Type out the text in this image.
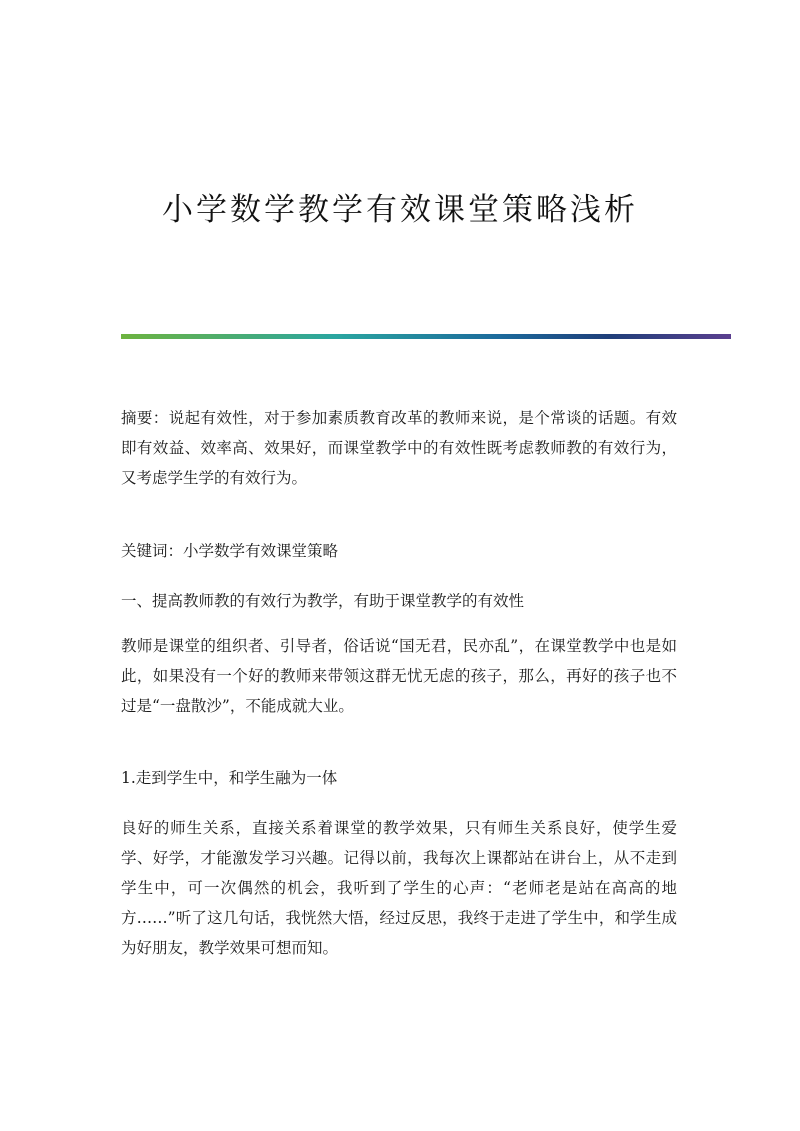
小学数学教学有效课堂策略浅析
摘要：说起有效性，对于参加素质教育改革的教师来说，是个常谈的话题。有效即有效益、效率高、效果好，而课堂教学中的有效性既考虑教师教的有效行为，又考虑学生学的有效行为。
关键词：小学数学有效课堂策略
一、提高教师教的有效行为教学，有助于课堂教学的有效性
教师是课堂的组织者、引导者，俗话说“国无君，民亦乱”，在课堂教学中也是如此，如果没有一个好的教师来带领这群无忧无虑的孩子，那么，再好的孩子也不过是“一盘散沙”，不能成就大业。
1.走到学生中，和学生融为一体
良好的师生关系，直接关系着课堂的教学效果，只有师生关系良好，使学生爱学、好学，才能激发学习兴趣。记得以前，我每次上课都站在讲台上，从不走到学生中，可一次偶然的机会，我听到了学生的心声：“老师老是站在高高的地方……”听了这几句话，我恍然大悟，经过反思，我终于走进了学生中，和学生成为好朋友，教学效果可想而知。
